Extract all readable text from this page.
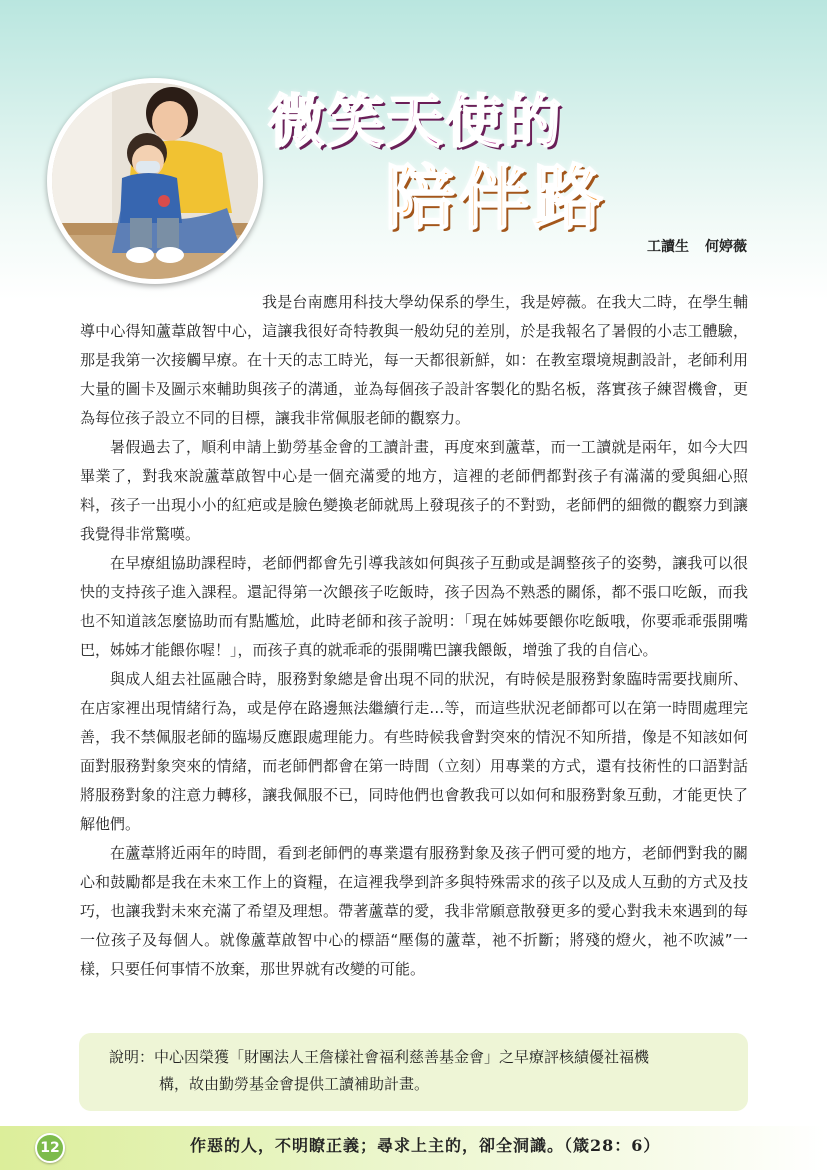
微笑天使的
陪伴路
工讀生 何婷薇

我是台南應用科技大學幼保系的學生，我是婷薇。在我大二時，在學生輔導中心得知蘆葦啟智中心，這讓我很好奇特教與一般幼兒的差別，於是我報名了暑假的小志工體驗，那是我第一次接觸早療。在十天的志工時光，每一天都很新鮮，如：在教室環境規劃設計，老師利用大量的圖卡及圖示來輔助與孩子的溝通，並為每個孩子設計客製化的點名板，落實孩子練習機會，更為每位孩子設立不同的目標，讓我非常佩服老師的觀察力。

暑假過去了，順利申請上勤勞基金會的工讀計畫，再度來到蘆葦，而一工讀就是兩年，如今大四畢業了，對我來說蘆葦啟智中心是一個充滿愛的地方，這裡的老師們都對孩子有滿滿的愛與細心照料，孩子一出現小小的紅疤或是臉色變換老師就馬上發現孩子的不對勁，老師們的細微的觀察力到讓我覺得非常驚嘆。

在早療組協助課程時，老師們都會先引導我該如何與孩子互動或是調整孩子的姿勢，讓我可以很快的支持孩子進入課程。還記得第一次餵孩子吃飯時，孩子因為不熟悉的關係，都不張口吃飯，而我也不知道該怎麼協助而有點尷尬，此時老師和孩子說明：「現在姊姊要餵你吃飯哦，你要乖乖張開嘴巴，姊姊才能餵你喔！」，而孩子真的就乖乖的張開嘴巴讓我餵飯，增強了我的自信心。

與成人組去社區融合時，服務對象總是會出現不同的狀況，有時候是服務對象臨時需要找廁所、在店家裡出現情緒行為，或是停在路邊無法繼續行走…等，而這些狀況老師都可以在第一時間處理完善，我不禁佩服老師的臨場反應跟處理能力。有些時候我會對突來的情況不知所措，像是不知該如何面對服務對象突來的情緒，而老師們都會在第一時間（立刻）用專業的方式，還有技術性的口語對話將服務對象的注意力轉移，讓我佩服不已，同時他們也會教我可以如何和服務對象互動，才能更快了解他們。

在蘆葦將近兩年的時間，看到老師們的專業還有服務對象及孩子們可愛的地方，老師們對我的關心和鼓勵都是我在未來工作上的資糧，在這裡我學到許多與特殊需求的孩子以及成人互動的方式及技巧，也讓我對未來充滿了希望及理想。帶著蘆葦的愛，我非常願意散發更多的愛心對我未來遇到的每一位孩子及每個人。就像蘆葦啟智中心的標語“壓傷的蘆葦，祂不折斷；將殘的燈火，祂不吹滅”一樣，只要任何事情不放棄，那世界就有改變的可能。

說明：中心因榮獲「財團法人王詹樣社會福利慈善基金會」之早療評核績優社福機
構，故由勤勞基金會提供工讀補助計畫。
12	作惡的人，不明瞭正義；尋求上主的，卻全洞識。（箴28：6）
